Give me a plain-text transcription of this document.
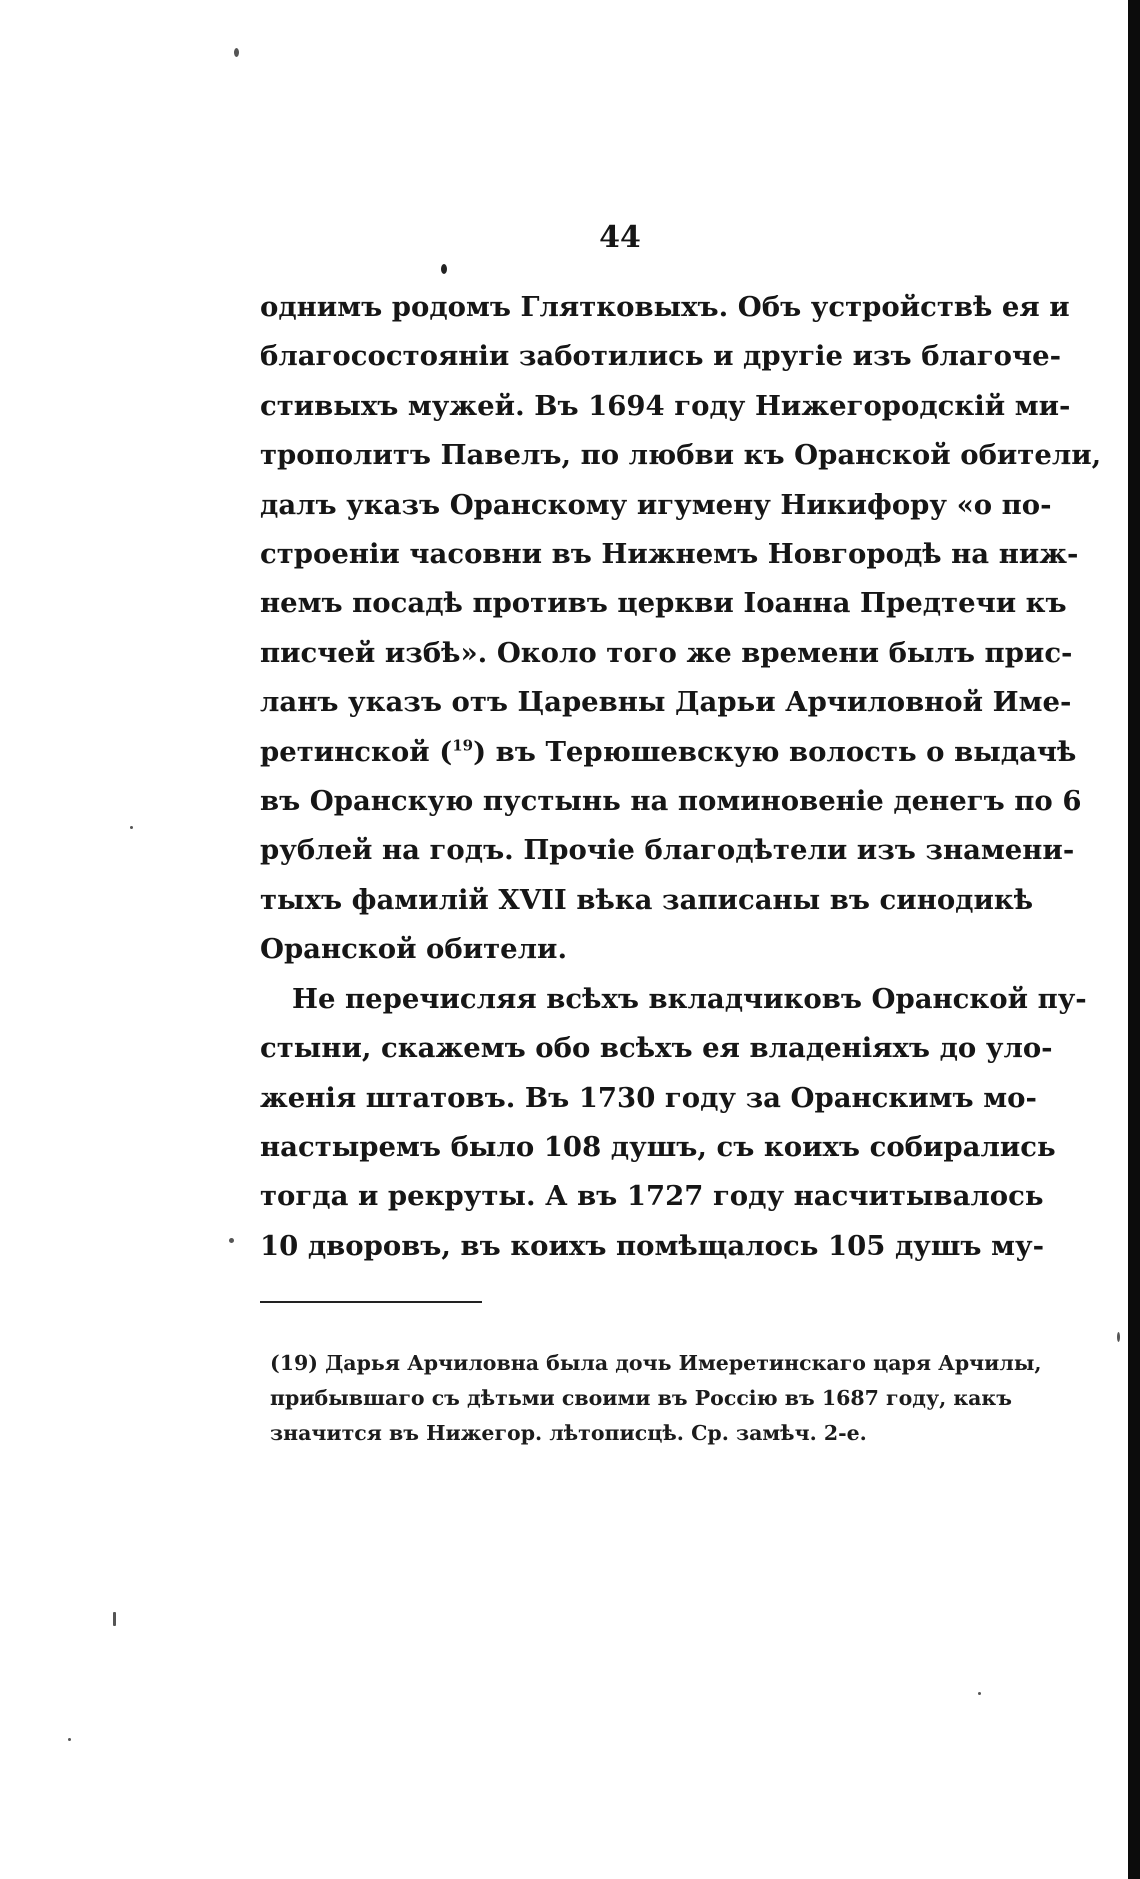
44
однимъ родомъ Глятковыхъ. Объ устройствѣ ея и
благосостояніи заботились и другіе изъ благоче-
стивыхъ мужей. Въ 1694 году Нижегородскій ми-
трополитъ Павелъ, по любви къ Оранской обители,
далъ указъ Оранскому игумену Никифору «о по-
строеніи часовни въ Нижнемъ Новгородѣ на ниж-
немъ посадѣ противъ церкви Іоанна Предтечи къ
писчей избѣ». Около того же времени былъ прис-
ланъ указъ отъ Царевны Дарьи Арчиловной Име-
ретинской ($^{19}$) въ Терюшевскую волость о выдачѣ
въ Оранскую пустынь на поминовеніе денегъ по 6
рублей на годъ. Прочіе благодѣтели изъ знамени-
тыхъ фамилій XVII вѣка записаны въ синодикѣ
Оранской обители.
Не перечисляя всѣхъ вкладчиковъ Оранской пу-
стыни, скажемъ обо всѣхъ ея владеніяхъ до уло-
женія штатовъ. Въ 1730 году за Оранскимъ мо-
настыремъ было 108 душъ, съ коихъ собирались
тогда и рекруты. А въ 1727 году насчитывалось
10 дворовъ, въ коихъ помѣщалось 105 душъ му-
(19) Дарья Арчиловна была дочь Имеретинскаго царя Арчилы,
прибывшаго съ дѣтьми своими въ Россію въ 1687 году, какъ
значится въ Нижегор. лѣтописцѣ. Ср. замѣч. 2-е.
